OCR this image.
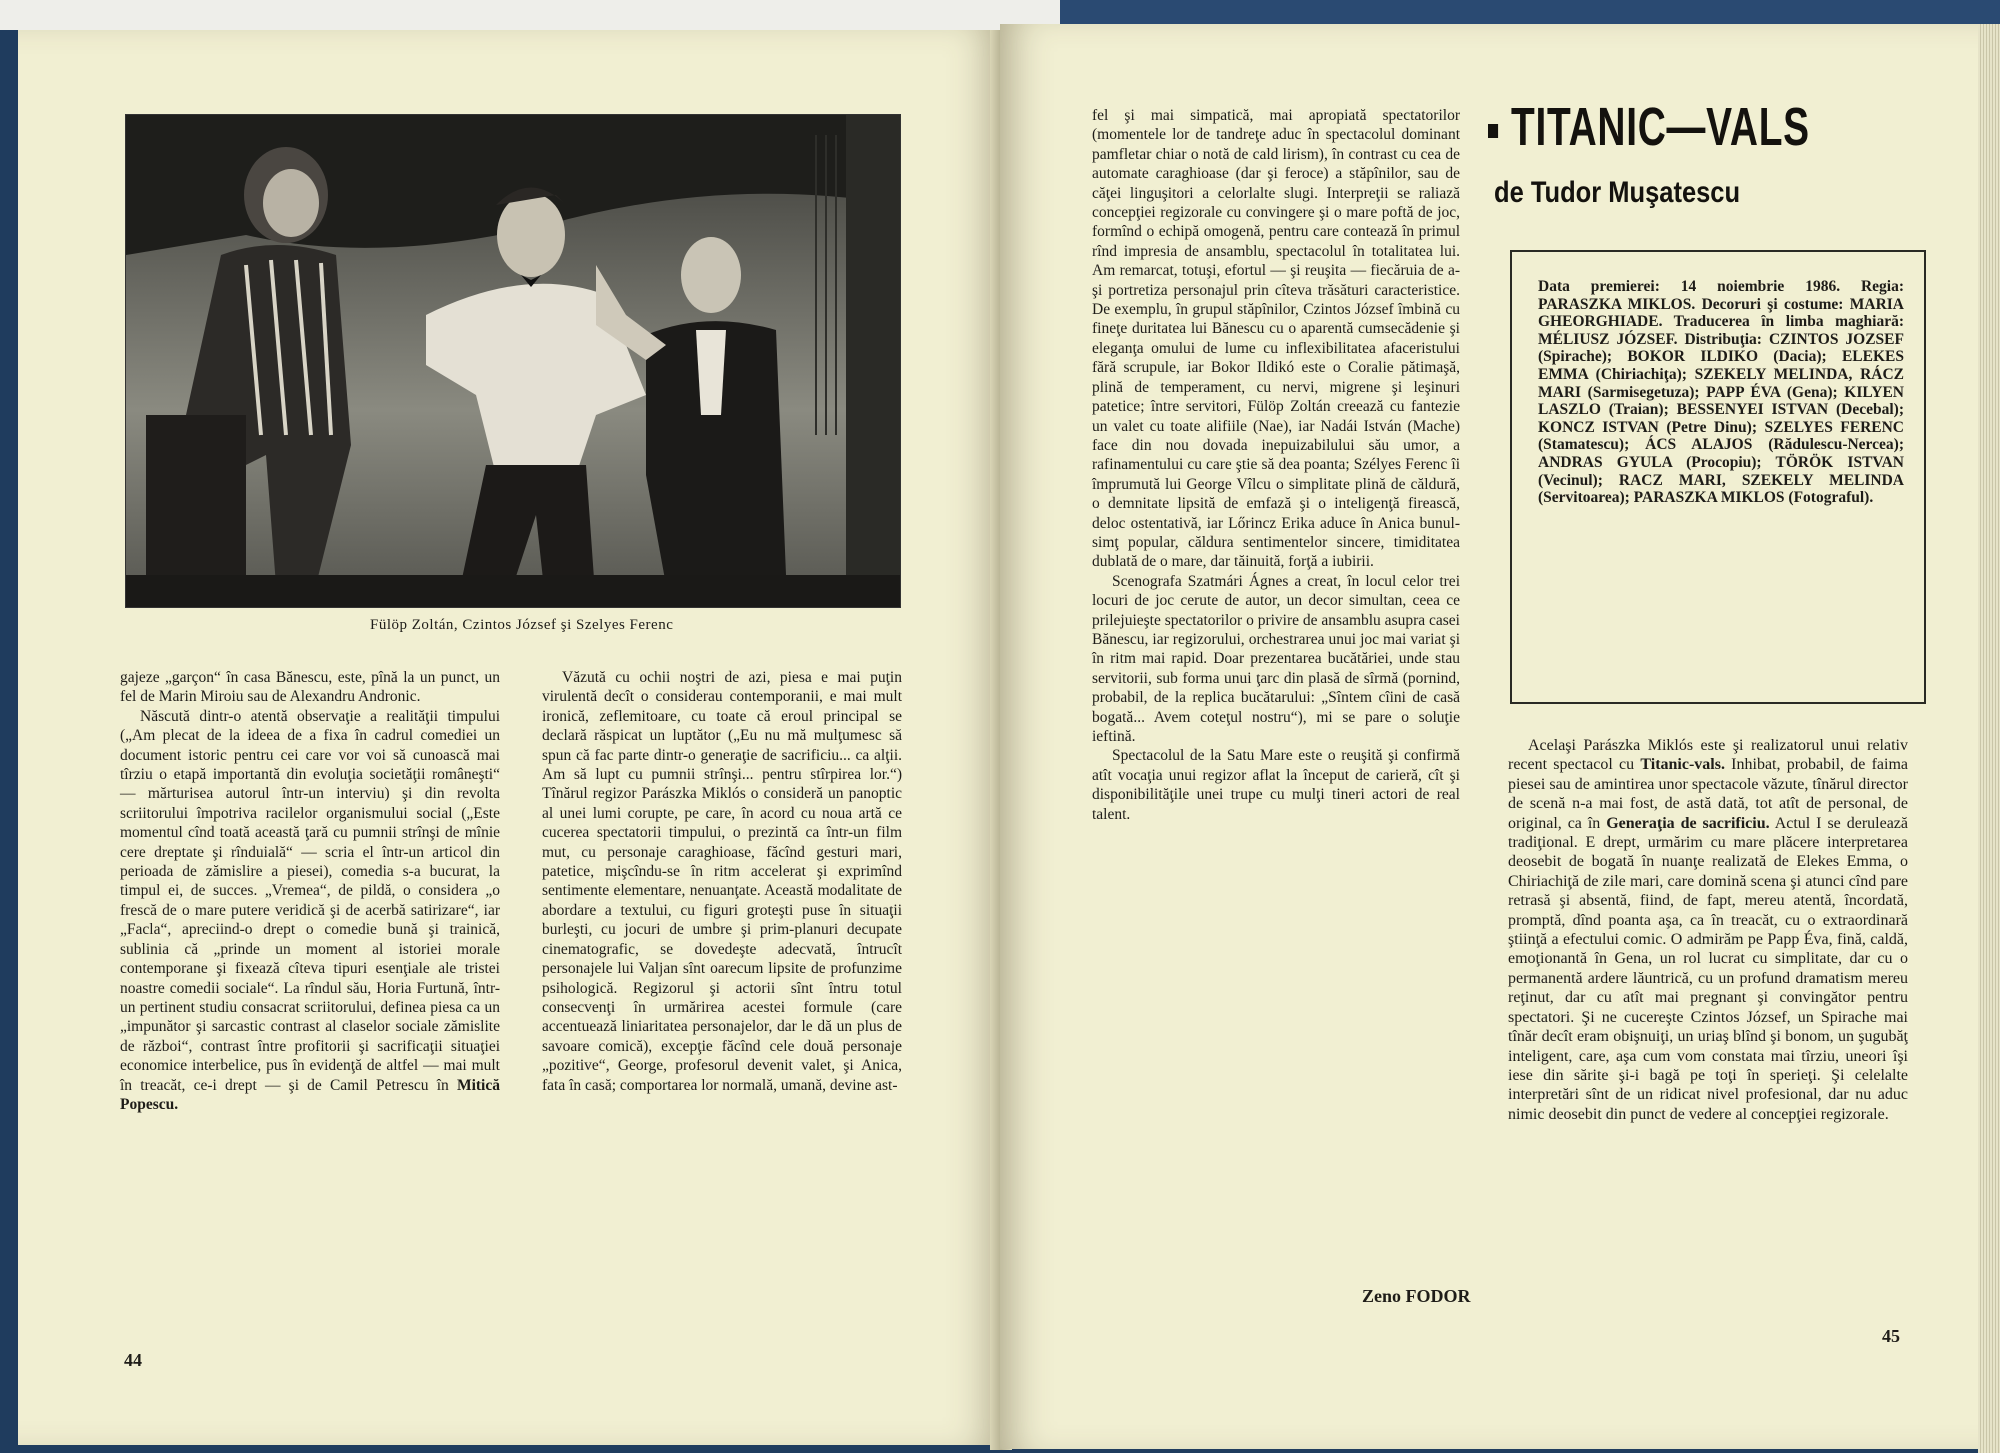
Fülöp Zoltán, Czintos József şi Szelyes Ferenc

gajeze „garçon“ în casa Bănescu, este, pînă la un punct, un fel de Marin Miroiu sau de Alexandru Andronic.

Născută dintr-o atentă observaţie a realităţii timpului („Am plecat de la ideea de a fixa în cadrul comediei un document istoric pentru cei care vor voi să cunoască mai tîrziu o etapă importantă din evoluţia societăţii româneşti“ — mărturisea autorul într-un interviu) şi din revolta scriitorului împotriva racilelor organismului social („Este momentul cînd toată această ţară cu pumnii strînşi de mînie cere dreptate şi rînduială“ — scria el într-un articol din perioada de zămislire a piesei), comedia s-a bucurat, la timpul ei, de succes. „Vremea“, de pildă, o considera „o frescă de o mare putere veridică şi de acerbă satirizare“, iar „Facla“, apreciind-o drept o comedie bună şi trainică, sublinia că „prinde un moment al istoriei morale contemporane şi fixează cîteva tipuri esenţiale ale tristei noastre comedii sociale“. La rîndul său, Horia Furtună, într-un pertinent studiu consacrat scriitorului, definea piesa ca un „impunător şi sarcastic contrast al claselor sociale zămislite de război“, contrast între profitorii şi sacrificaţii situaţiei economice interbelice, pus în evidenţă de altfel — mai mult în treacăt, ce-i drept — şi de Camil Petrescu în Mitică Popescu.

Văzută cu ochii noştri de azi, piesa e mai puţin virulentă decît o considerau contemporanii, e mai mult ironică, zeflemitoare, cu toate că eroul principal se declară răspicat un luptător („Eu nu mă mulţumesc să spun că fac parte dintr-o generaţie de sacrificiu... ca alţii. Am să lupt cu pumnii strînşi... pentru stîrpirea lor.“) Tînărul regizor Parászka Miklós o consideră un panoptic al unei lumi corupte, pe care, în acord cu noua artă ce cucerea spectatorii timpului, o prezintă ca într-un film mut, cu personaje caraghioase, făcînd gesturi mari, patetice, mişcîndu-se în ritm accelerat şi exprimînd sentimente elementare, nenuanţate. Această modalitate de abordare a textului, cu figuri groteşti puse în situaţii burleşti, cu jocuri de umbre şi prim-planuri decupate cinematografic, se dovedeşte adecvată, întrucît personajele lui Valjan sînt oarecum lipsite de profunzime psihologică. Regizorul şi actorii sînt întru totul consecvenţi în urmărirea acestei formule (care accentuează liniaritatea personajelor, dar le dă un plus de savoare comică), excepţie făcînd cele două personaje „pozitive“, George, profesorul devenit valet, şi Anica, fata în casă; comportarea lor normală, umană, devine ast-

44

fel şi mai simpatică, mai apropiată spectatorilor (momentele lor de tandreţe aduc în spectacolul dominant pamfletar chiar o notă de cald lirism), în contrast cu cea de automate caraghioase (dar şi feroce) a stăpînilor, sau de căţei linguşitori a celorlalte slugi. Interpreţii se raliază concepţiei regizorale cu convingere şi o mare poftă de joc, formînd o echipă omogenă, pentru care contează în primul rînd impresia de ansamblu, spectacolul în totalitatea lui. Am remarcat, totuşi, efortul — şi reuşita — fiecăruia de a-şi portretiza personajul prin cîteva trăsături caracteristice. De exemplu, în grupul stăpînilor, Czintos József îmbină cu fineţe duritatea lui Bănescu cu o aparentă cumsecădenie şi eleganţa omului de lume cu inflexibilitatea afaceristului fără scrupule, iar Bokor Ildikó este o Coralie pătimaşă, plină de temperament, cu nervi, migrene şi leşinuri patetice; între servitori, Fülöp Zoltán creează cu fantezie un valet cu toate alifiile (Nae), iar Nadái István (Mache) face din nou dovada inepuizabilului său umor, a rafinamentului cu care ştie să dea poanta; Szélyes Ferenc îi împrumută lui George Vîlcu o simplitate plină de căldură, o demnitate lipsită de emfază şi o inteligenţă firească, deloc ostentativă, iar Lőrincz Erika aduce în Anica bunul-simţ popular, căldura sentimentelor sincere, timiditatea dublată de o mare, dar tăinuită, forţă a iubirii.

Scenografa Szatmári Ágnes a creat, în locul celor trei locuri de joc cerute de autor, un decor simultan, ceea ce prilejuieşte spectatorilor o privire de ansamblu asupra casei Bănescu, iar regizorului, orchestrarea unui joc mai variat şi în ritm mai rapid. Doar prezentarea bucătăriei, unde stau servitorii, sub forma unui ţarc din plasă de sîrmă (pornind, probabil, de la replica bucătarului: „Sîntem cîini de casă bogată... Avem coteţul nostru“), mi se pare o soluţie ieftină.

Spectacolul de la Satu Mare este o reuşită şi confirmă atît vocaţia unui regizor aflat la început de carieră, cît şi disponibilităţile unei trupe cu mulţi tineri actori de real talent.

Zeno FODOR
TITANIC—VALS
de Tudor Muşatescu
Data premierei: 14 noiembrie 1986. Regia: PARASZKA MIKLOS. Decoruri şi costume: MARIA GHEORGHIADE. Traducerea în limba maghiară: MÉLIUSZ JÓZSEF. Distribuţia: CZINTOS JOZSEF (Spirache); BOKOR ILDIKO (Dacia); ELEKES EMMA (Chiriachiţa); SZEKELY MELINDA, RÁCZ MARI (Sarmisegetuza); PAPP ÉVA (Gena); KILYEN LASZLO (Traian); BESSENYEI ISTVAN (Decebal); KONCZ ISTVAN (Petre Dinu); SZELYES FERENC (Stamatescu); ÁCS ALAJOS (Rădulescu-Nercea); ANDRAS GYULA (Procopiu); TÖRÖK ISTVAN (Vecinul); RACZ MARI, SZEKELY MELINDA (Servitoarea); PARASZKA MIKLOS (Fotograful).

Acelaşi Parászka Miklós este şi realizatorul unui relativ recent spectacol cu Titanic-vals. Inhibat, probabil, de faima piesei sau de amintirea unor spectacole văzute, tînărul director de scenă n-a mai fost, de astă dată, tot atît de personal, de original, ca în Generaţia de sacrificiu. Actul I se derulează tradiţional. E drept, urmărim cu mare plăcere interpretarea deosebit de bogată în nuanţe realizată de Elekes Emma, o Chiriachiţă de zile mari, care domină scena şi atunci cînd pare retrasă şi absentă, fiind, de fapt, mereu atentă, încordată, promptă, dînd poanta aşa, ca în treacăt, cu o extraordinară ştiinţă a efectului comic. O admirăm pe Papp Éva, fină, caldă, emoţionantă în Gena, un rol lucrat cu simplitate, dar cu o permanentă ardere lăuntrică, cu un profund dramatism mereu reţinut, dar cu atît mai pregnant şi convingător pentru spectatori. Şi ne cucereşte Czintos József, un Spirache mai tînăr decît eram obişnuiţi, un uriaş blînd şi bonom, un şugubăţ inteligent, care, aşa cum vom constata mai tîrziu, uneori îşi iese din sărite şi-i bagă pe toţi în sperieţi. Şi celelalte interpretări sînt de un ridicat nivel profesional, dar nu aduc nimic deosebit din punct de vedere al concepţiei regizorale.

45
